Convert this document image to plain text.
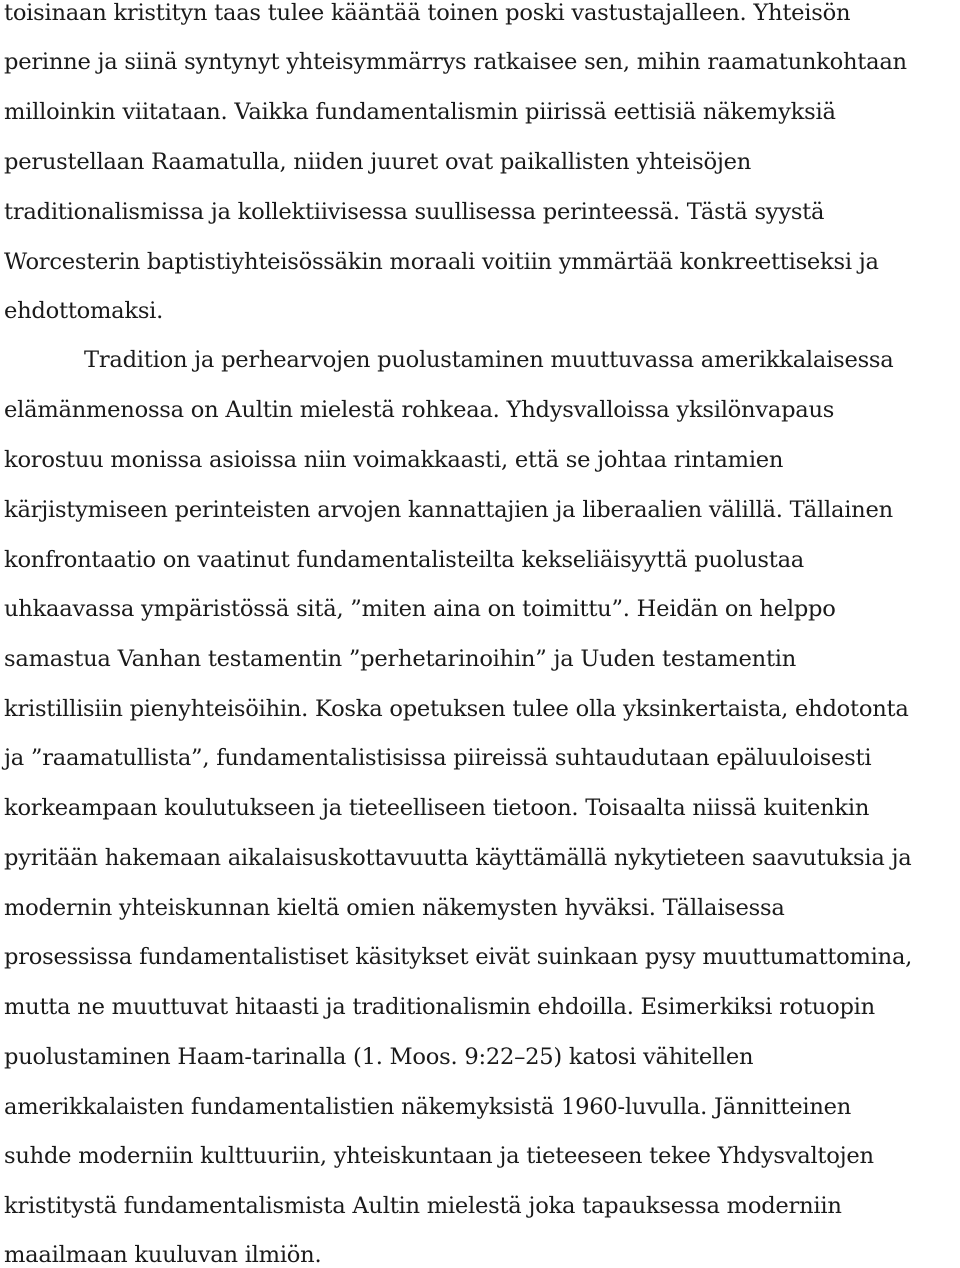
toisinaan kristityn taas tulee kääntää toinen poski vastustajalleen. Yhteisön
perinne ja siinä syntynyt yhteisymmärrys ratkaisee sen, mihin raamatunkohtaan
milloinkin viitataan. Vaikka fundamentalismin piirissä eettisiä näkemyksiä
perustellaan Raamatulla, niiden juuret ovat paikallisten yhteisöjen
traditionalismissa ja kollektiivisessa suullisessa perinteessä. Tästä syystä
Worcesterin baptistiyhteisössäkin moraali voitiin ymmärtää konkreettiseksi ja
ehdottomaksi.
Tradition ja perhearvojen puolustaminen muuttuvassa amerikkalaisessa
elämänmenossa on Aultin mielestä rohkeaa. Yhdysvalloissa yksilönvapaus
korostuu monissa asioissa niin voimakkaasti, että se johtaa rintamien
kärjistymiseen perinteisten arvojen kannattajien ja liberaalien välillä. Tällainen
konfrontaatio on vaatinut fundamentalisteilta kekseliäisyyttä puolustaa
uhkaavassa ympäristössä sitä, ”miten aina on toimittu”. Heidän on helppo
samastua Vanhan testamentin ”perhetarinoihin” ja Uuden testamentin
kristillisiin pienyhteisöihin. Koska opetuksen tulee olla yksinkertaista, ehdotonta
ja ”raamatullista”, fundamentalistisissa piireissä suhtaudutaan epäluuloisesti
korkeampaan koulutukseen ja tieteelliseen tietoon. Toisaalta niissä kuitenkin
pyritään hakemaan aikalaisuskottavuutta käyttämällä nykytieteen saavutuksia ja
modernin yhteiskunnan kieltä omien näkemysten hyväksi. Tällaisessa
prosessissa fundamentalistiset käsitykset eivät suinkaan pysy muuttumattomina,
mutta ne muuttuvat hitaasti ja traditionalismin ehdoilla. Esimerkiksi rotuopin
puolustaminen Haam-tarinalla (1. Moos. 9:22–25) katosi vähitellen
amerikkalaisten fundamentalistien näkemyksistä 1960-luvulla. Jännitteinen
suhde moderniin kulttuuriin, yhteiskuntaan ja tieteeseen tekee Yhdysvaltojen
kristitystä fundamentalismista Aultin mielestä joka tapauksessa moderniin
maailmaan kuuluvan ilmiön.
